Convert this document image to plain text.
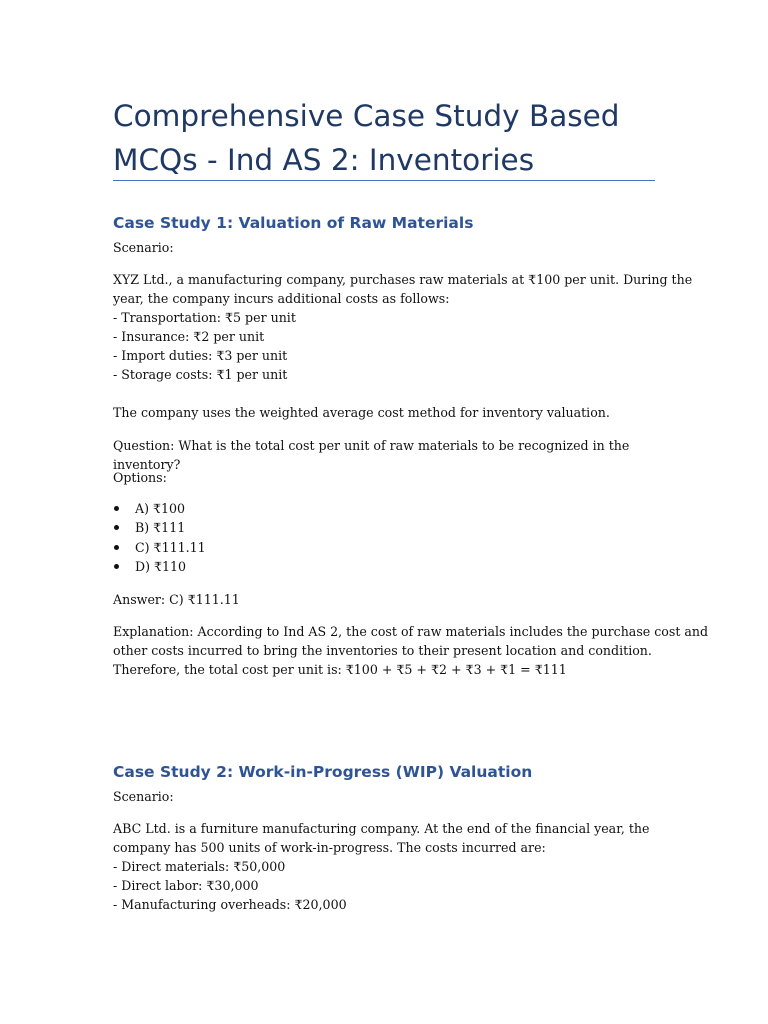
Comprehensive Case Study Based MCQs - Ind AS 2: Inventories
Case Study 1: Valuation of Raw Materials

Scenario:

XYZ Ltd., a manufacturing company, purchases raw materials at ₹100 per unit. During the
year, the company incurs additional costs as follows:
- Transportation: ₹5 per unit
- Insurance: ₹2 per unit
- Import duties: ₹3 per unit
- Storage costs: ₹1 per unit

The company uses the weighted average cost method for inventory valuation.

Question: What is the total cost per unit of raw materials to be recognized in the inventory?

Options:

A) ₹100
B) ₹111
C) ₹111.11
D) ₹110

Answer: C) ₹111.11

Explanation: According to Ind AS 2, the cost of raw materials includes the purchase cost and
other costs incurred to bring the inventories to their present location and condition.
Therefore, the total cost per unit is: ₹100 + ₹5 + ₹2 + ₹3 + ₹1 = ₹111

Case Study 2: Work-in-Progress (WIP) Valuation

Scenario:

ABC Ltd. is a furniture manufacturing company. At the end of the financial year, the
company has 500 units of work-in-progress. The costs incurred are:
- Direct materials: ₹50,000
- Direct labor: ₹30,000
- Manufacturing overheads: ₹20,000
